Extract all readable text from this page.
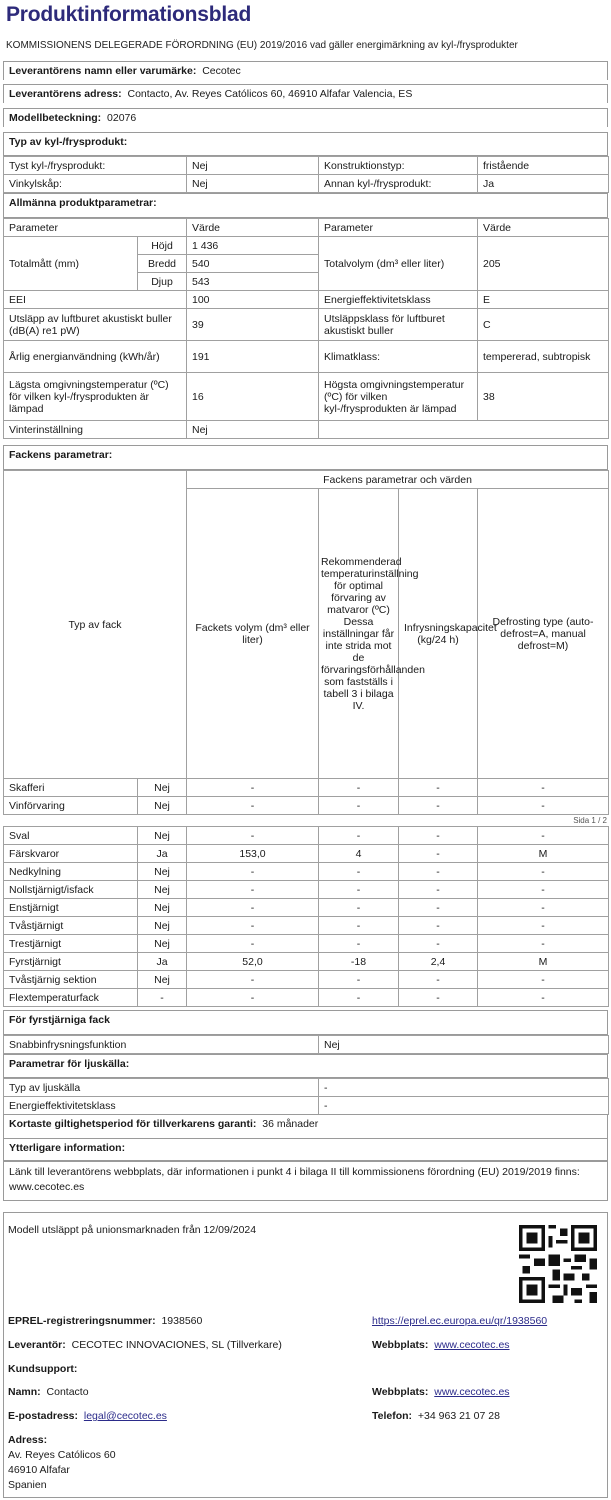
Produktinformationsblad
KOMMISSIONENS DELEGERADE FÖRORDNING (EU) 2019/2016 vad gäller energimärkning av kyl-/frysprodukter
Leverantörens namn eller varumärke: Cecotec
Leverantörens adress: Contacto, Av. Reyes Católicos 60, 46910 Alfafar Valencia, ES
Modellbeteckning: 02076
Typ av kyl-/frysprodukt:
Tyst kyl-/frysprodukt:	Nej	Konstruktionstyp:	fristående
Vinkylskåp:	Nej	Annan kyl-/frysprodukt:	Ja
Allmänna produktparametrar:
Parameter		Värde	Parameter	Värde
Totalmått (mm)	Höjd	1 436	Totalvolym (dm³ eller liter)	205
	Bredd	540		
	Djup	543		
EEI		100	Energieffektivitetsklass	E
Utsläpp av luftburet akustiskt buller (dB(A) re1 pW)		39	Utsläppsklass för luftburet akustiskt buller	C
Årlig energianvändning (kWh/år)		191	Klimatklass:	tempererad, subtropisk
Lägsta omgivningstemperatur (ºC) för vilken kyl-/frysprodukten är lämpad		16	Högsta omgivningstemperatur (ºC) för vilken kyl-/frysprodukten är lämpad	38
Vinterinställning		Nej		
Fackens parametrar:
Typ av fack		Fackens parametrar och värden			
		Fackets volym (dm³ eller liter)	Rekommenderad temperaturinställning för optimal förvaring av matvaror (ºC) Dessa inställningar får inte strida mot de förvaringsförhållanden som fastställs i tabell 3 i bilaga IV.	Infrysningskapacitet (kg/24 h)	Defrosting type (auto-defrost=A, manual defrost=M)
Skafferi	Nej	-	-	-	-
Vinförvaring	Nej	-	-	-	-
Sida 1 / 2
Sval	Nej	-	-	-	-
Färskvaror	Ja	153,0	4	-	M
Nedkylning	Nej	-	-	-	-
Nollstjärnigt/isfack	Nej	-	-	-	-
Enstjärnigt	Nej	-	-	-	-
Tvåstjärnigt	Nej	-	-	-	-
Trestjärnigt	Nej	-	-	-	-
Fyrstjärnigt	Ja	52,0	-18	2,4	M
Tvåstjärnig sektion	Nej	-	-	-	-
Flextemperaturfack	-	-	-	-	-
För fyrstjärniga fack
Snabbinfrysningsfunktion	Nej
Parametrar för ljuskälla:
Typ av ljuskälla	-
Energieffektivitetsklass	-
Kortaste giltighetsperiod för tillverkarens garanti: 36 månader
Ytterligare information:
Länk till leverantörens webbplats, där informationen i punkt 4 i bilaga II till kommissionens förordning (EU) 2019/2019 finns:  www.cecotec.es
Modell utsläppt på unionsmarknaden från 12/09/2024
EPREL-registreringsnummer: 1938560	https://eprel.ec.europa.eu/qr/1938560
Leverantör: CECOTEC INNOVACIONES, SL (Tillverkare)	Webbplats: www.cecotec.es
Kundsupport:
Namn: Contacto	Webbplats: www.cecotec.es
E-postadress: legal@cecotec.es	Telefon: +34 963 21 07 28
Adress:
Av. Reyes Católicos 60
46910 Alfafar
Spanien
